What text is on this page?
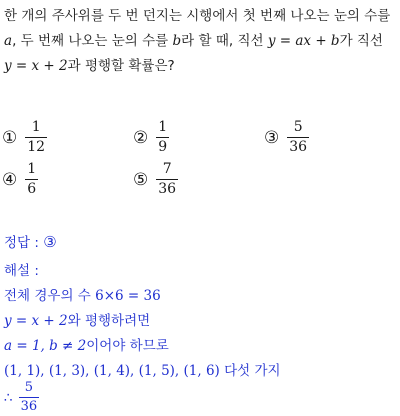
한 개의 주사위를 두 번 던지는 시행에서 첫 번째 나오는 눈의 수를
a, 두 번째 나오는 눈의 수를 b라 할 때, 직선 y = ax + b가 직선
y = x + 2과 평행할 확률은?
① $\frac{1}{12}$	② $\frac{1}{9}$	③ $\frac{5}{36}$
④ $\frac{1}{6}$	⑤ $\frac{7}{36}$
정답 : ③
해설 :
전체 경우의 수 6×6 = 36
y = x + 2와 평행하려면
a = 1, b ≠ 2이어야 하므로
(1, 1), (1, 3), (1, 4), (1, 5), (1, 6) 다섯 가지
∴ $\frac{5}{36}$
